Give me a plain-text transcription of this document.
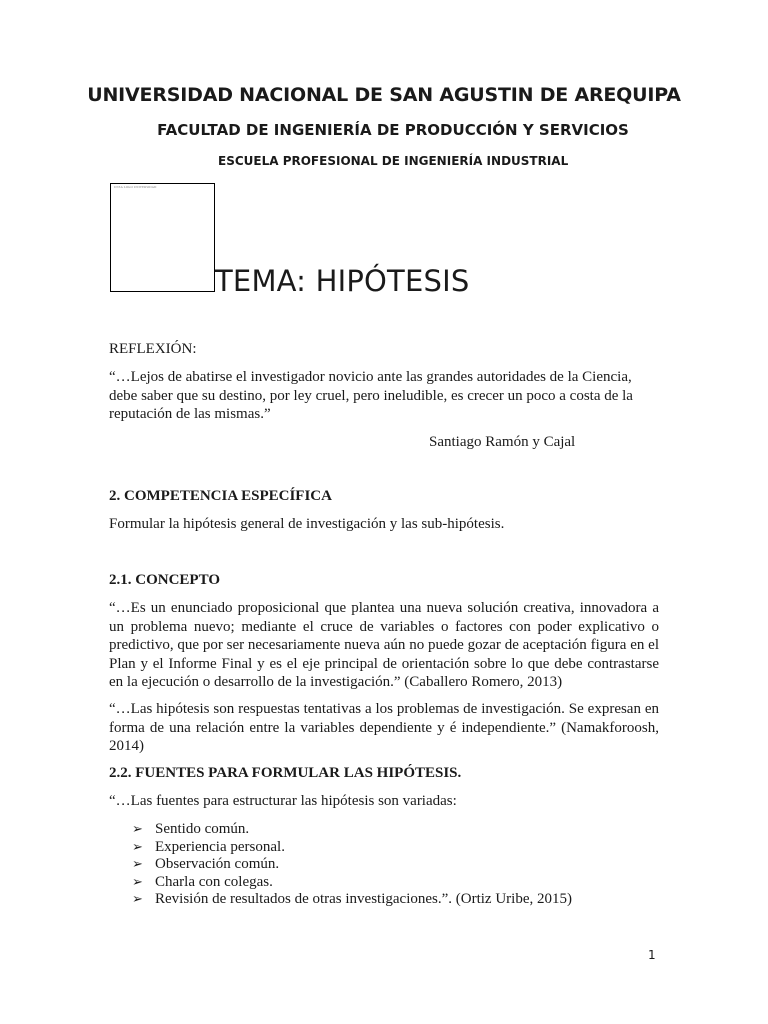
UNIVERSIDAD NACIONAL DE SAN AGUSTIN DE AREQUIPA

FACULTAD DE INGENIERÍA DE PRODUCCIÓN Y SERVICIOS

ESCUELA PROFESIONAL DE INGENIERÍA INDUSTRIAL

UNSA LOGO UNIVERSIDAD
TEMA: HIPÓTESIS

REFLEXIÓN:

“…Lejos de abatirse el investigador novicio ante las grandes autoridades de la Ciencia, debe saber que su destino, por ley cruel, pero ineludible, es crecer un poco a costa de la reputación de las mismas.”

Santiago Ramón y Cajal

2. COMPETENCIA ESPECÍFICA

Formular la hipótesis general de investigación y las sub-hipótesis.

2.1. CONCEPTO

“…Es un enunciado proposicional que plantea una nueva solución creativa, innovadora a un problema nuevo; mediante el cruce de variables o factores con poder explicativo o predictivo, que por ser necesariamente nueva aún no puede gozar de aceptación figura en el Plan y el Informe Final y es el eje principal de orientación sobre lo que debe contrastarse en la ejecución o desarrollo de la investigación.” (Caballero Romero, 2013)

“…Las hipótesis son respuestas tentativas a los problemas de investigación. Se expresan en forma de una relación entre la variables dependiente y é independiente.” (Namakforoosh, 2014)

2.2. FUENTES PARA FORMULAR LAS HIPÓTESIS.

“…Las fuentes para estructurar las hipótesis son variadas:

➢ Sentido común.
➢ Experiencia personal.
➢ Observación común.
➢ Charla con colegas.
➢ Revisión de resultados de otras investigaciones.”. (Ortiz Uribe, 2015)

1
